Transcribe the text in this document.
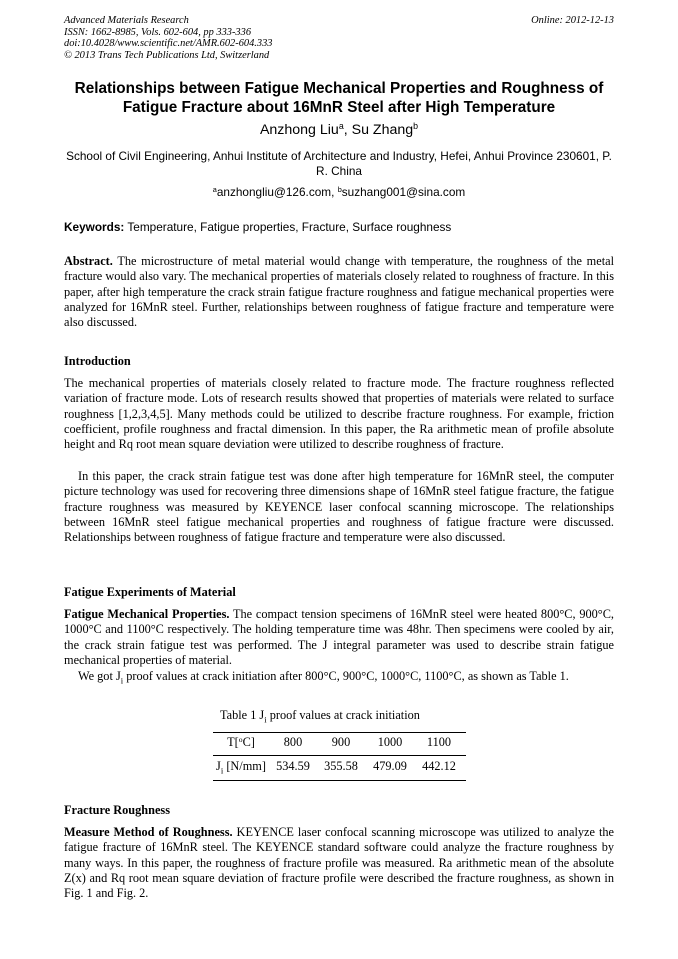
Advanced Materials Research
ISSN: 1662-8985, Vols. 602-604, pp 333-336
doi:10.4028/www.scientific.net/AMR.602-604.333
© 2013 Trans Tech Publications Ltd, Switzerland
Online: 2012-12-13
Relationships between Fatigue Mechanical Properties and Roughness of Fatigue Fracture about 16MnR Steel after High Temperature
Anzhong Liu$^a$, Su Zhang$^b$
School of Civil Engineering, Anhui Institute of Architecture and Industry, Hefei, Anhui Province 230601, P. R. China
$^a$anzhongliu@126.com, $^b$suzhang001@sina.com
Keywords: Temperature, Fatigue properties, Fracture, Surface roughness
Abstract. The microstructure of metal material would change with temperature, the roughness of the metal fracture would also vary. The mechanical properties of materials closely related to roughness of fracture. In this paper, after high temperature the crack strain fatigue fracture roughness and fatigue mechanical properties were analyzed for 16MnR steel. Further, relationships between roughness of fatigue fracture and temperature were also discussed.
Introduction
The mechanical properties of materials closely related to fracture mode. The fracture roughness reflected variation of fracture mode. Lots of research results showed that properties of materials were related to surface roughness [1,2,3,4,5]. Many methods could be utilized to describe fracture roughness. For example, friction coefficient, profile roughness and fractal dimension. In this paper, the Ra arithmetic mean of profile absolute height and Rq root mean square deviation were utilized to describe roughness of fracture.
In this paper, the crack strain fatigue test was done after high temperature for 16MnR steel, the computer picture technology was used for recovering three dimensions shape of 16MnR steel fatigue fracture, the fatigue fracture roughness was measured by KEYENCE laser confocal scanning microscope. The relationships between 16MnR steel fatigue mechanical properties and roughness of fatigue fracture were discussed. Relationships between roughness of fatigue fracture and temperature were also discussed.
Fatigue Experiments of Material
Fatigue Mechanical Properties. The compact tension specimens of 16MnR steel were heated 800°C, 900°C, 1000°C and 1100°C respectively. The holding temperature time was 48hr. Then specimens were cooled by air, the crack strain fatigue test was performed. The J integral parameter was used to describe strain fatigue mechanical properties of material.
We got $J_i$ proof values at crack initiation after 800°C, 900°C, 1000°C, 1100°C, as shown as Table 1.
Table 1 $J_i$ proof values at crack initiation
T[$^o$C]	800	900	1000	1100
$J_i$ [N/mm] 534.59	355.58	479.09	442.12
Fracture Roughness
Measure Method of Roughness. KEYENCE laser confocal scanning microscope was utilized to analyze the fatigue fracture of 16MnR steel. The KEYENCE standard software could analyze the fracture roughness by many ways. In this paper, the roughness of fracture profile was measured. Ra arithmetic mean of the absolute Z(x) and Rq root mean square deviation of fracture profile were described the fracture roughness, as shown in Fig. 1 and Fig. 2.
